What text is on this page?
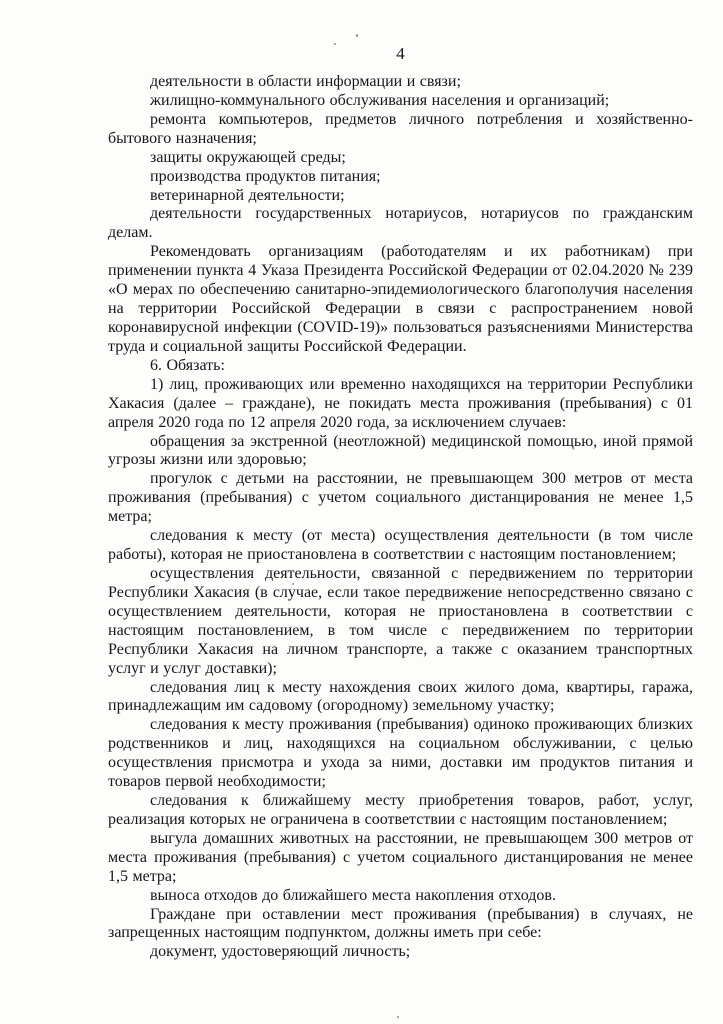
4

деятельности в области информации и связи;

жилищно-коммунального обслуживания населения и организаций;

ремонта компьютеров, предметов личного потребления и хозяйственно-бытового назначения;

защиты окружающей среды;

производства продуктов питания;

ветеринарной деятельности;

деятельности государственных нотариусов, нотариусов по гражданским делам.

Рекомендовать организациям (работодателям и их работникам) при применении пункта 4 Указа Президента Российской Федерации от 02.04.2020 № 239 «О мерах по обеспечению санитарно-эпидемиологического благополучия населения на территории Российской Федерации в связи с распространением новой коронавирусной инфекции (COVID-19)» пользоваться разъяснениями Министерства труда и социальной защиты Российской Федерации.

6. Обязать:

1) лиц, проживающих или временно находящихся на территории Республики Хакасия (далее – граждане), не покидать места проживания (пребывания) с 01 апреля 2020 года по 12 апреля 2020 года, за исключением случаев:

обращения за экстренной (неотложной) медицинской помощью, иной прямой угрозы жизни или здоровью;

прогулок с детьми на расстоянии, не превышающем 300 метров от места проживания (пребывания) с учетом социального дистанцирования не менее 1,5 метра;

следования к месту (от места) осуществления деятельности (в том числе работы), которая не приостановлена в соответствии с настоящим постановлением;

осуществления деятельности, связанной с передвижением по территории Республики Хакасия (в случае, если такое передвижение непосредственно связано с осуществлением деятельности, которая не приостановлена в соответствии с настоящим постановлением, в том числе с передвижением по территории Республики Хакасия на личном транспорте, а также с оказанием транспортных услуг и услуг доставки);

следования лиц к месту нахождения своих жилого дома, квартиры, гаража, принадлежащим им садовому (огородному) земельному участку;

следования к месту проживания (пребывания) одиноко проживающих близких родственников и лиц, находящихся на социальном обслуживании, с целью осуществления присмотра и ухода за ними, доставки им продуктов питания и товаров первой необходимости;

следования к ближайшему месту приобретения товаров, работ, услуг, реализация которых не ограничена в соответствии с настоящим постановлением;

выгула домашних животных на расстоянии, не превышающем 300 метров от места проживания (пребывания) с учетом социального дистанцирования не менее 1,5 метра;

выноса отходов до ближайшего места накопления отходов.

Граждане при оставлении мест проживания (пребывания) в случаях, не запрещенных настоящим подпунктом, должны иметь при себе:

документ, удостоверяющий личность;
